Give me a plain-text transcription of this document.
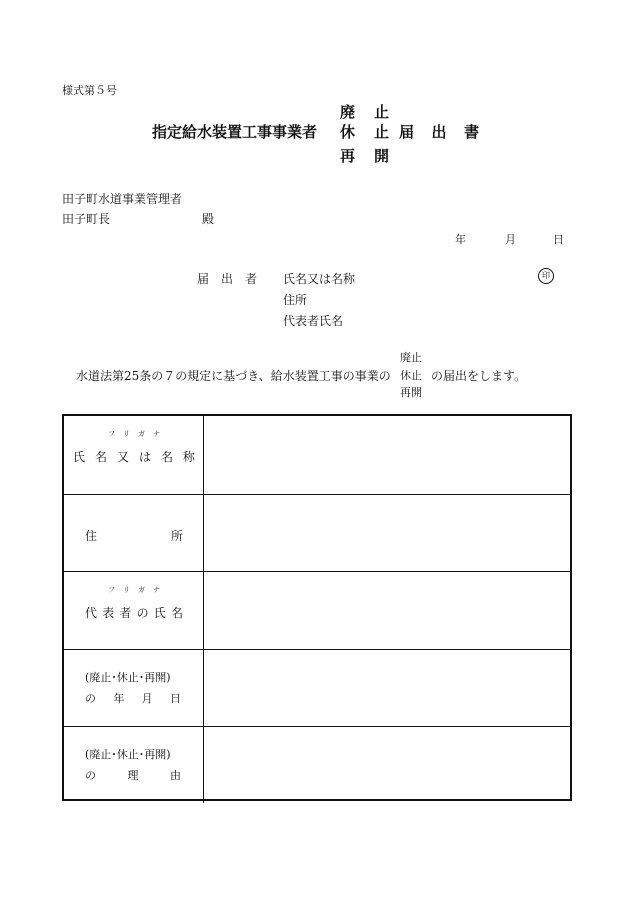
様式第５号
廃　止
指定給水装置工事事業者 休　止
再　開
届 出 書
田子町水道事業管理者
田子町長	殿
年	月	日
届 出 者 氏名又は名称
住所
代表者氏名
印
水道法第25条の７の規定に基づき、給水装置工事の事業の
廃止
休止
再開
の届出をします。
フ リ ガ ナ
氏 名 又 は 名 称
住	所
フ リ ガ ナ
代 表 者 の 氏 名
(廃止･休止･再開)
の 年 月 日
(廃止･休止･再開)
の	理	由
